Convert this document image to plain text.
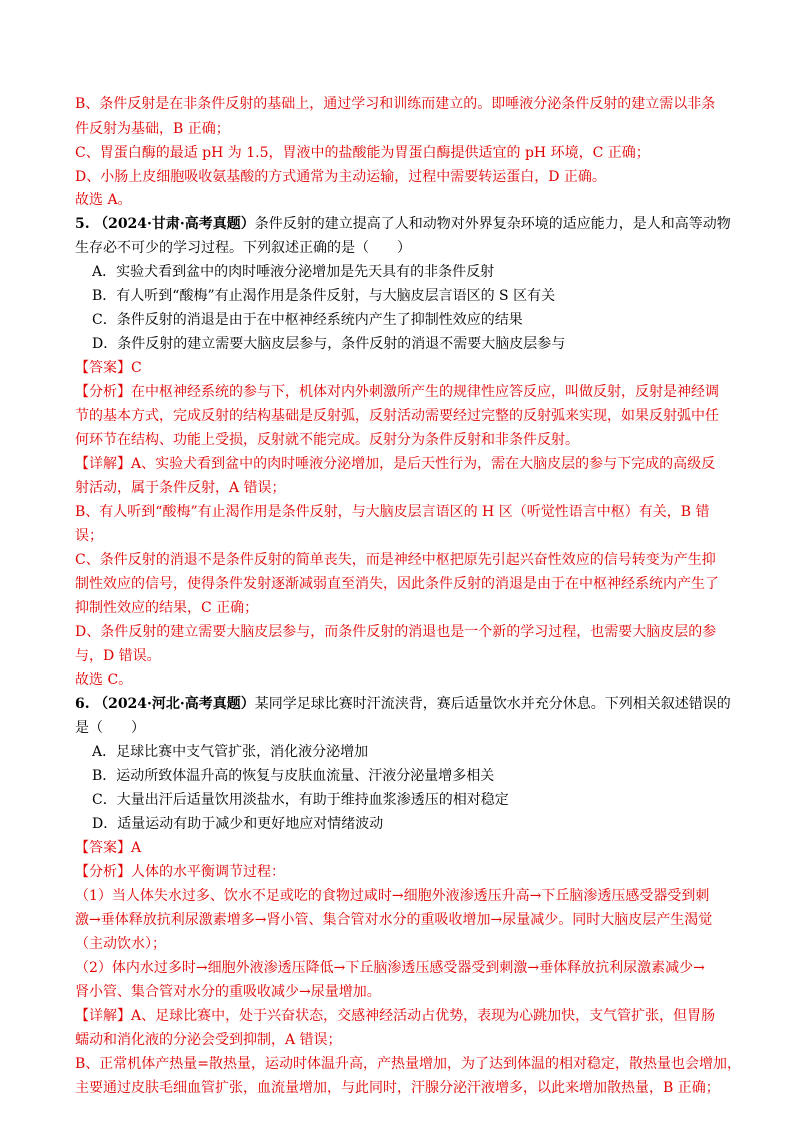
B、条件反射是在非条件反射的基础上，通过学习和训练而建立的。即唾液分泌条件反射的建立需以非条
件反射为基础，B 正确；
C、胃蛋白酶的最适 pH 为 1.5，胃液中的盐酸能为胃蛋白酶提供适宜的 pH 环境，C 正确；
D、小肠上皮细胞吸收氨基酸的方式通常为主动运输，过程中需要转运蛋白，D 正确。
故选 A。
5. （2024·甘肃·高考真题）条件反射的建立提高了人和动物对外界复杂环境的适应能力，是人和高等动物
生存必不可少的学习过程。下列叙述正确的是（　　）
A．实验犬看到盆中的肉时唾液分泌增加是先天具有的非条件反射
B．有人听到“酸梅”有止渴作用是条件反射，与大脑皮层言语区的 S 区有关
C．条件反射的消退是由于在中枢神经系统内产生了抑制性效应的结果
D．条件反射的建立需要大脑皮层参与，条件反射的消退不需要大脑皮层参与
【答案】C
【分析】在中枢神经系统的参与下，机体对内外刺激所产生的规律性应答反应，叫做反射，反射是神经调
节的基本方式，完成反射的结构基础是反射弧，反射活动需要经过完整的反射弧来实现，如果反射弧中任
何环节在结构、功能上受损，反射就不能完成。反射分为条件反射和非条件反射。
【详解】A、实验犬看到盆中的肉时唾液分泌增加，是后天性行为，需在大脑皮层的参与下完成的高级反
射活动，属于条件反射，A 错误；
B、有人听到“酸梅”有止渴作用是条件反射，与大脑皮层言语区的 H 区（听觉性语言中枢）有关，B 错
误；
C、条件反射的消退不是条件反射的简单丧失，而是神经中枢把原先引起兴奋性效应的信号转变为产生抑
制性效应的信号，使得条件发射逐渐减弱直至消失，因此条件反射的消退是由于在中枢神经系统内产生了
抑制性效应的结果，C 正确；
D、条件反射的建立需要大脑皮层参与，而条件反射的消退也是一个新的学习过程，也需要大脑皮层的参
与，D 错误。
故选 C。
6. （2024·河北·高考真题）某同学足球比赛时汗流浃背，赛后适量饮水并充分休息。下列相关叙述错误的
是（　　）
A．足球比赛中支气管扩张，消化液分泌增加
B．运动所致体温升高的恢复与皮肤血流量、汗液分泌量增多相关
C．大量出汗后适量饮用淡盐水，有助于维持血浆渗透压的相对稳定
D．适量运动有助于减少和更好地应对情绪波动
【答案】A
【分析】人体的水平衡调节过程：
（1）当人体失水过多、饮水不足或吃的食物过咸时→细胞外液渗透压升高→下丘脑渗透压感受器受到刺
激→垂体释放抗利尿激素增多→肾小管、集合管对水分的重吸收增加→尿量减少。同时大脑皮层产生渴觉
（主动饮水）；
（2）体内水过多时→细胞外液渗透压降低→下丘脑渗透压感受器受到刺激→垂体释放抗利尿激素减少→
肾小管、集合管对水分的重吸收减少→尿量增加。
【详解】A、足球比赛中，处于兴奋状态，交感神经活动占优势，表现为心跳加快，支气管扩张，但胃肠
蠕动和消化液的分泌会受到抑制，A 错误；
B、正常机体产热量=散热量，运动时体温升高，产热量增加，为了达到体温的相对稳定，散热量也会增加，
主要通过皮肤毛细血管扩张，血流量增加，与此同时，汗腺分泌汗液增多，以此来增加散热量，B 正确；
